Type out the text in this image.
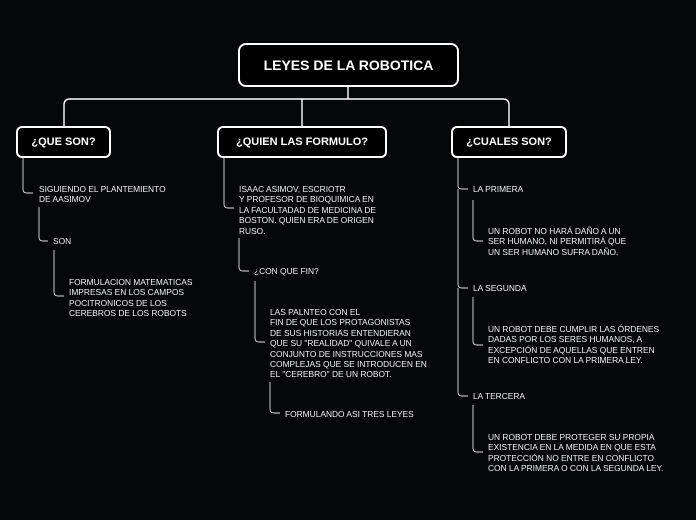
LEYES DE LA ROBOTICA
¿QUE SON?	¿QUIEN LAS FORMULO?	¿CUALES SON?

SIGUIENDO EL PLANTEMIENTO
DE AASIMOV

SON

FORMULACION MATEMATICAS
IMPRESAS EN LOS CAMPOS
POCITRONICOS DE LOS
CEREBROS DE LOS ROBOTS

ISAAC ASIMOV, ESCRIOTR
Y PROFESOR DE BIOQUIMICA EN
LA FACULTADAD DE MEDICINA DE
BOSTON. QUIEN ERA DE ORIGEN
RUSO.

¿CON QUE FIN?

LAS PALNTEO CON EL
FIN DE QUE LOS PROTAGONISTAS
DE SUS HISTORIAS ENTENDIERAN
QUE SU "REALIDAD" QUIVALE A UN
CONJUNTO DE INSTRUCCIONES MAS
COMPLEJAS QUE SE INTRODUCEN EN
EL "CEREBRO" DE UN ROBOT.

FORMULANDO ASI TRES LEYES

LA PRIMERA

UN ROBOT NO HARÁ DAÑO A UN
SER HUMANO, NI PERMITIRÁ QUE
UN SER HUMANO SUFRA DAÑO.

LA SEGUNDA

UN ROBOT DEBE CUMPLIR LAS ÓRDENES
DADAS POR LOS SERES HUMANOS, A
EXCEPCIÓN DE AQUELLAS QUE ENTREN
EN CONFLICTO CON LA PRIMERA LEY.

LA TERCERA

UN ROBOT DEBE PROTEGER SU PROPIA
EXISTENCIA EN LA MEDIDA EN QUE ESTA
PROTECCIÓN NO ENTRE EN CONFLICTO
CON LA PRIMERA O CON LA SEGUNDA LEY.
